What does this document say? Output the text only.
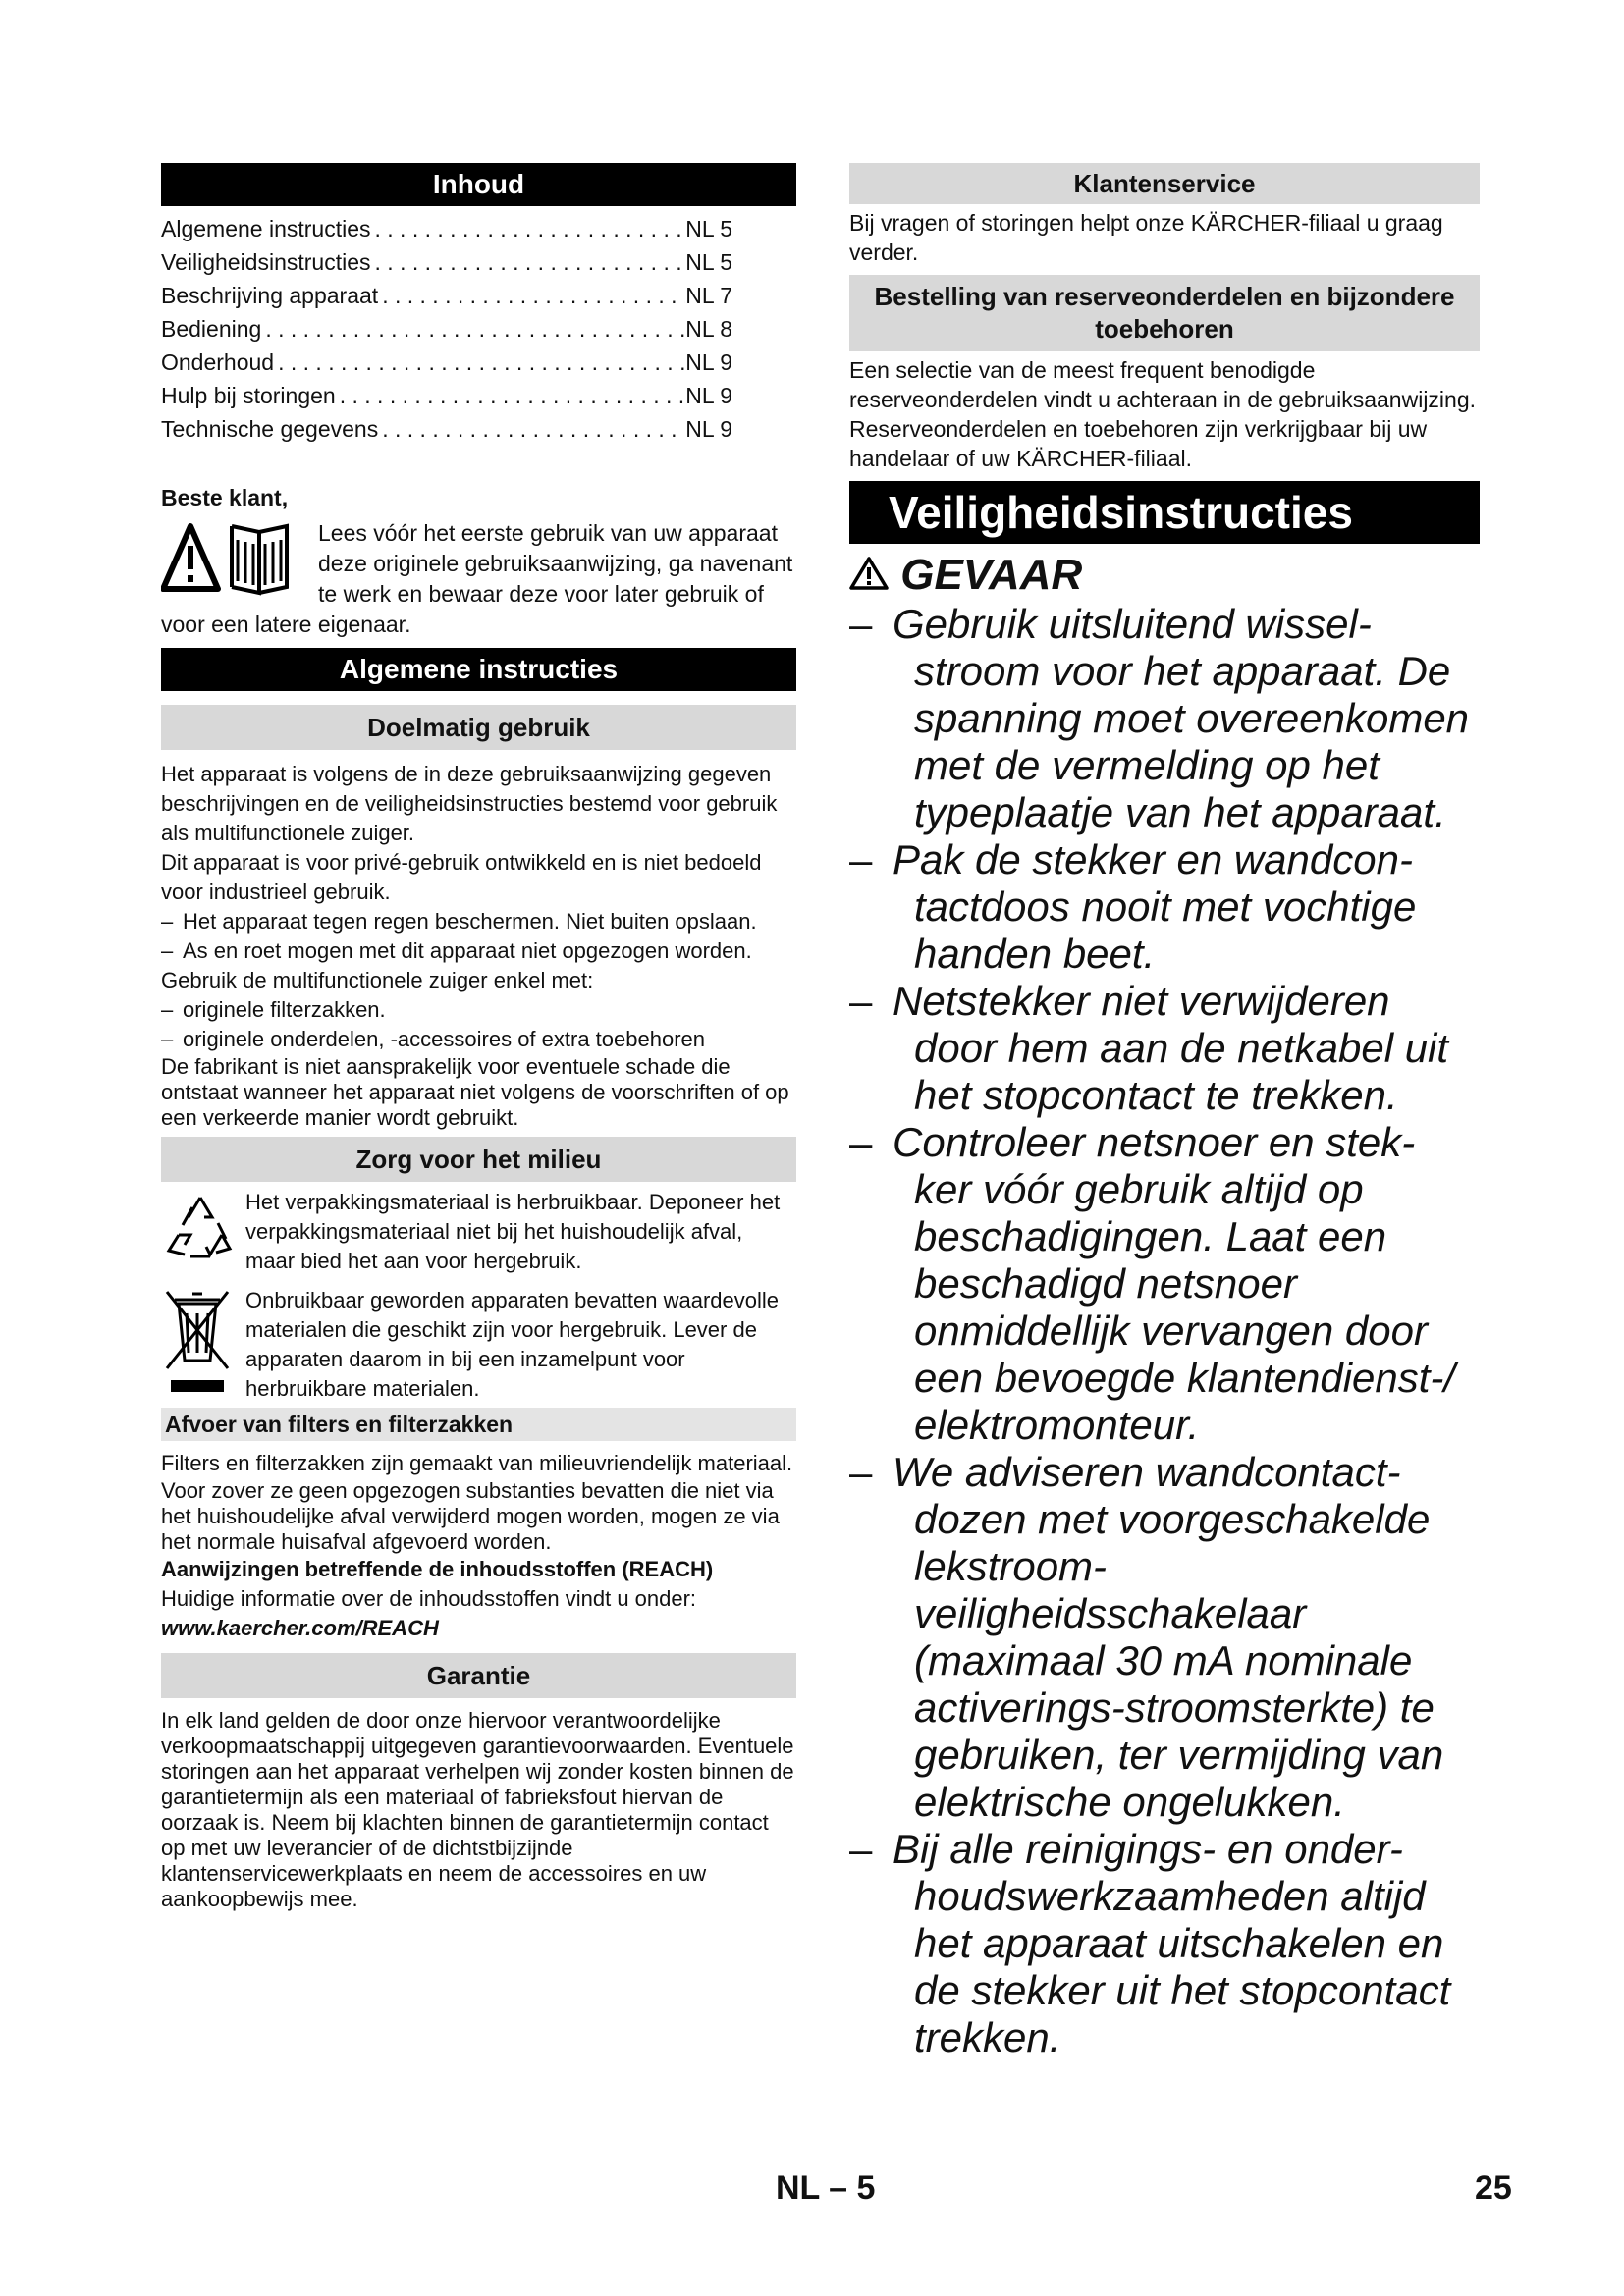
Inhoud
Algemene instructies . . .	NL 5
Veiligheidsinstructies . . .	NL 5
Beschrijving apparaat . . .	NL 7
Bediening . . .	NL 8
Onderhoud . . .	NL 9
Hulp bij storingen . . .	NL 9
Technische gegevens . . .	NL 9
Beste klant,

Lees vóór het eerste gebruik van uw apparaat deze originele gebruiksaanwijzing, ga navenant te werk en bewaar deze voor later gebruik of voor een latere eigenaar.

Algemene instructies
Doelmatig gebruik

Het apparaat is volgens de in deze gebruiksaanwijzing gegeven beschrijvingen en de veiligheidsinstructies bestemd voor gebruik als multifunctionele zuiger.

Dit apparaat is voor privé-gebruik ontwikkeld en is niet bedoeld voor industrieel gebruik.

– Het apparaat tegen regen beschermen. Niet buiten opslaan.
– As en roet mogen met dit apparaat niet opgezogen worden.

Gebruik de multifunctionele zuiger enkel met:

– originele filterzakken.
– originele onderdelen, -accessoires of extra toebehoren

De fabrikant is niet aansprakelijk voor eventuele schade die ontstaat wanneer het apparaat niet volgens de voorschriften of op een verkeerde manier wordt gebruikt.

Zorg voor het milieu

Het verpakkingsmateriaal is herbruikbaar. Deponeer het verpakkingsmateriaal niet bij het huishoudelijk afval, maar bied het aan voor hergebruik.

Onbruikbaar geworden apparaten bevatten waardevolle materialen die geschikt zijn voor hergebruik. Lever de apparaten daarom in bij een inzamelpunt voor herbruikbare materialen.

Afvoer van filters en filterzakken

Filters en filterzakken zijn gemaakt van milieuvriendelijk materiaal.

Voor zover ze geen opgezogen substanties bevatten die niet via het huishoudelijke afval verwijderd mogen worden, mogen ze via het normale huisafval afgevoerd worden.

Aanwijzingen betreffende de inhoudsstoffen (REACH)

Huidige informatie over de inhoudsstoffen vindt u onder:

www.kaercher.com/REACH

Garantie

In elk land gelden de door onze hiervoor verantwoordelijke verkoopmaatschappij uitgegeven garantievoorwaarden. Eventuele storingen aan het apparaat verhelpen wij zonder kosten binnen de garantietermijn als een materiaal of fabrieksfout hiervan de oorzaak is. Neem bij klachten binnen de garantietermijn contact op met uw leverancier of de dichtstbijzijnde klantenservicewerkplaats en neem de accessoires en uw aankoopbewijs mee.

Klantenservice

Bij vragen of storingen helpt onze KÄRCHER-filiaal u graag verder.

Bestelling van reserveonderdelen en bijzondere toebehoren

Een selectie van de meest frequent benodigde reserveonderdelen vindt u achteraan in de gebruiksaanwijzing. Reserveonderdelen en toebehoren zijn verkrijgbaar bij uw handelaar of uw KÄRCHER-filiaal.

Veiligheidsinstructies
GEVAAR
– Gebruik uitsluitend wissel-
stroom voor het apparaat. De spanning moet overeenkomen met de vermelding op het typeplaatje van het apparaat.
– Pak de stekker en wandcon-
tactdoos nooit met vochtige handen beet.
– Netstekker niet verwijderen
door hem aan de netkabel uit het stopcontact te trekken.
– Controleer netsnoer en stek-
ker vóór gebruik altijd op beschadigingen. Laat een beschadigd netsnoer onmiddellijk vervangen door een bevoegde klantendienst-/ elektromonteur.
– We adviseren wandcontact-
dozen met voorgeschakelde lekstroom-veiligheidsschakelaar (maximaal 30 mA nominale activerings-stroomsterkte) te gebruiken, ter vermijding van elektrische ongelukken.
– Bij alle reinigings- en onder-
houdswerkzaamheden altijd het apparaat uitschakelen en de stekker uit het stopcontact trekken.
NL – 5	25
